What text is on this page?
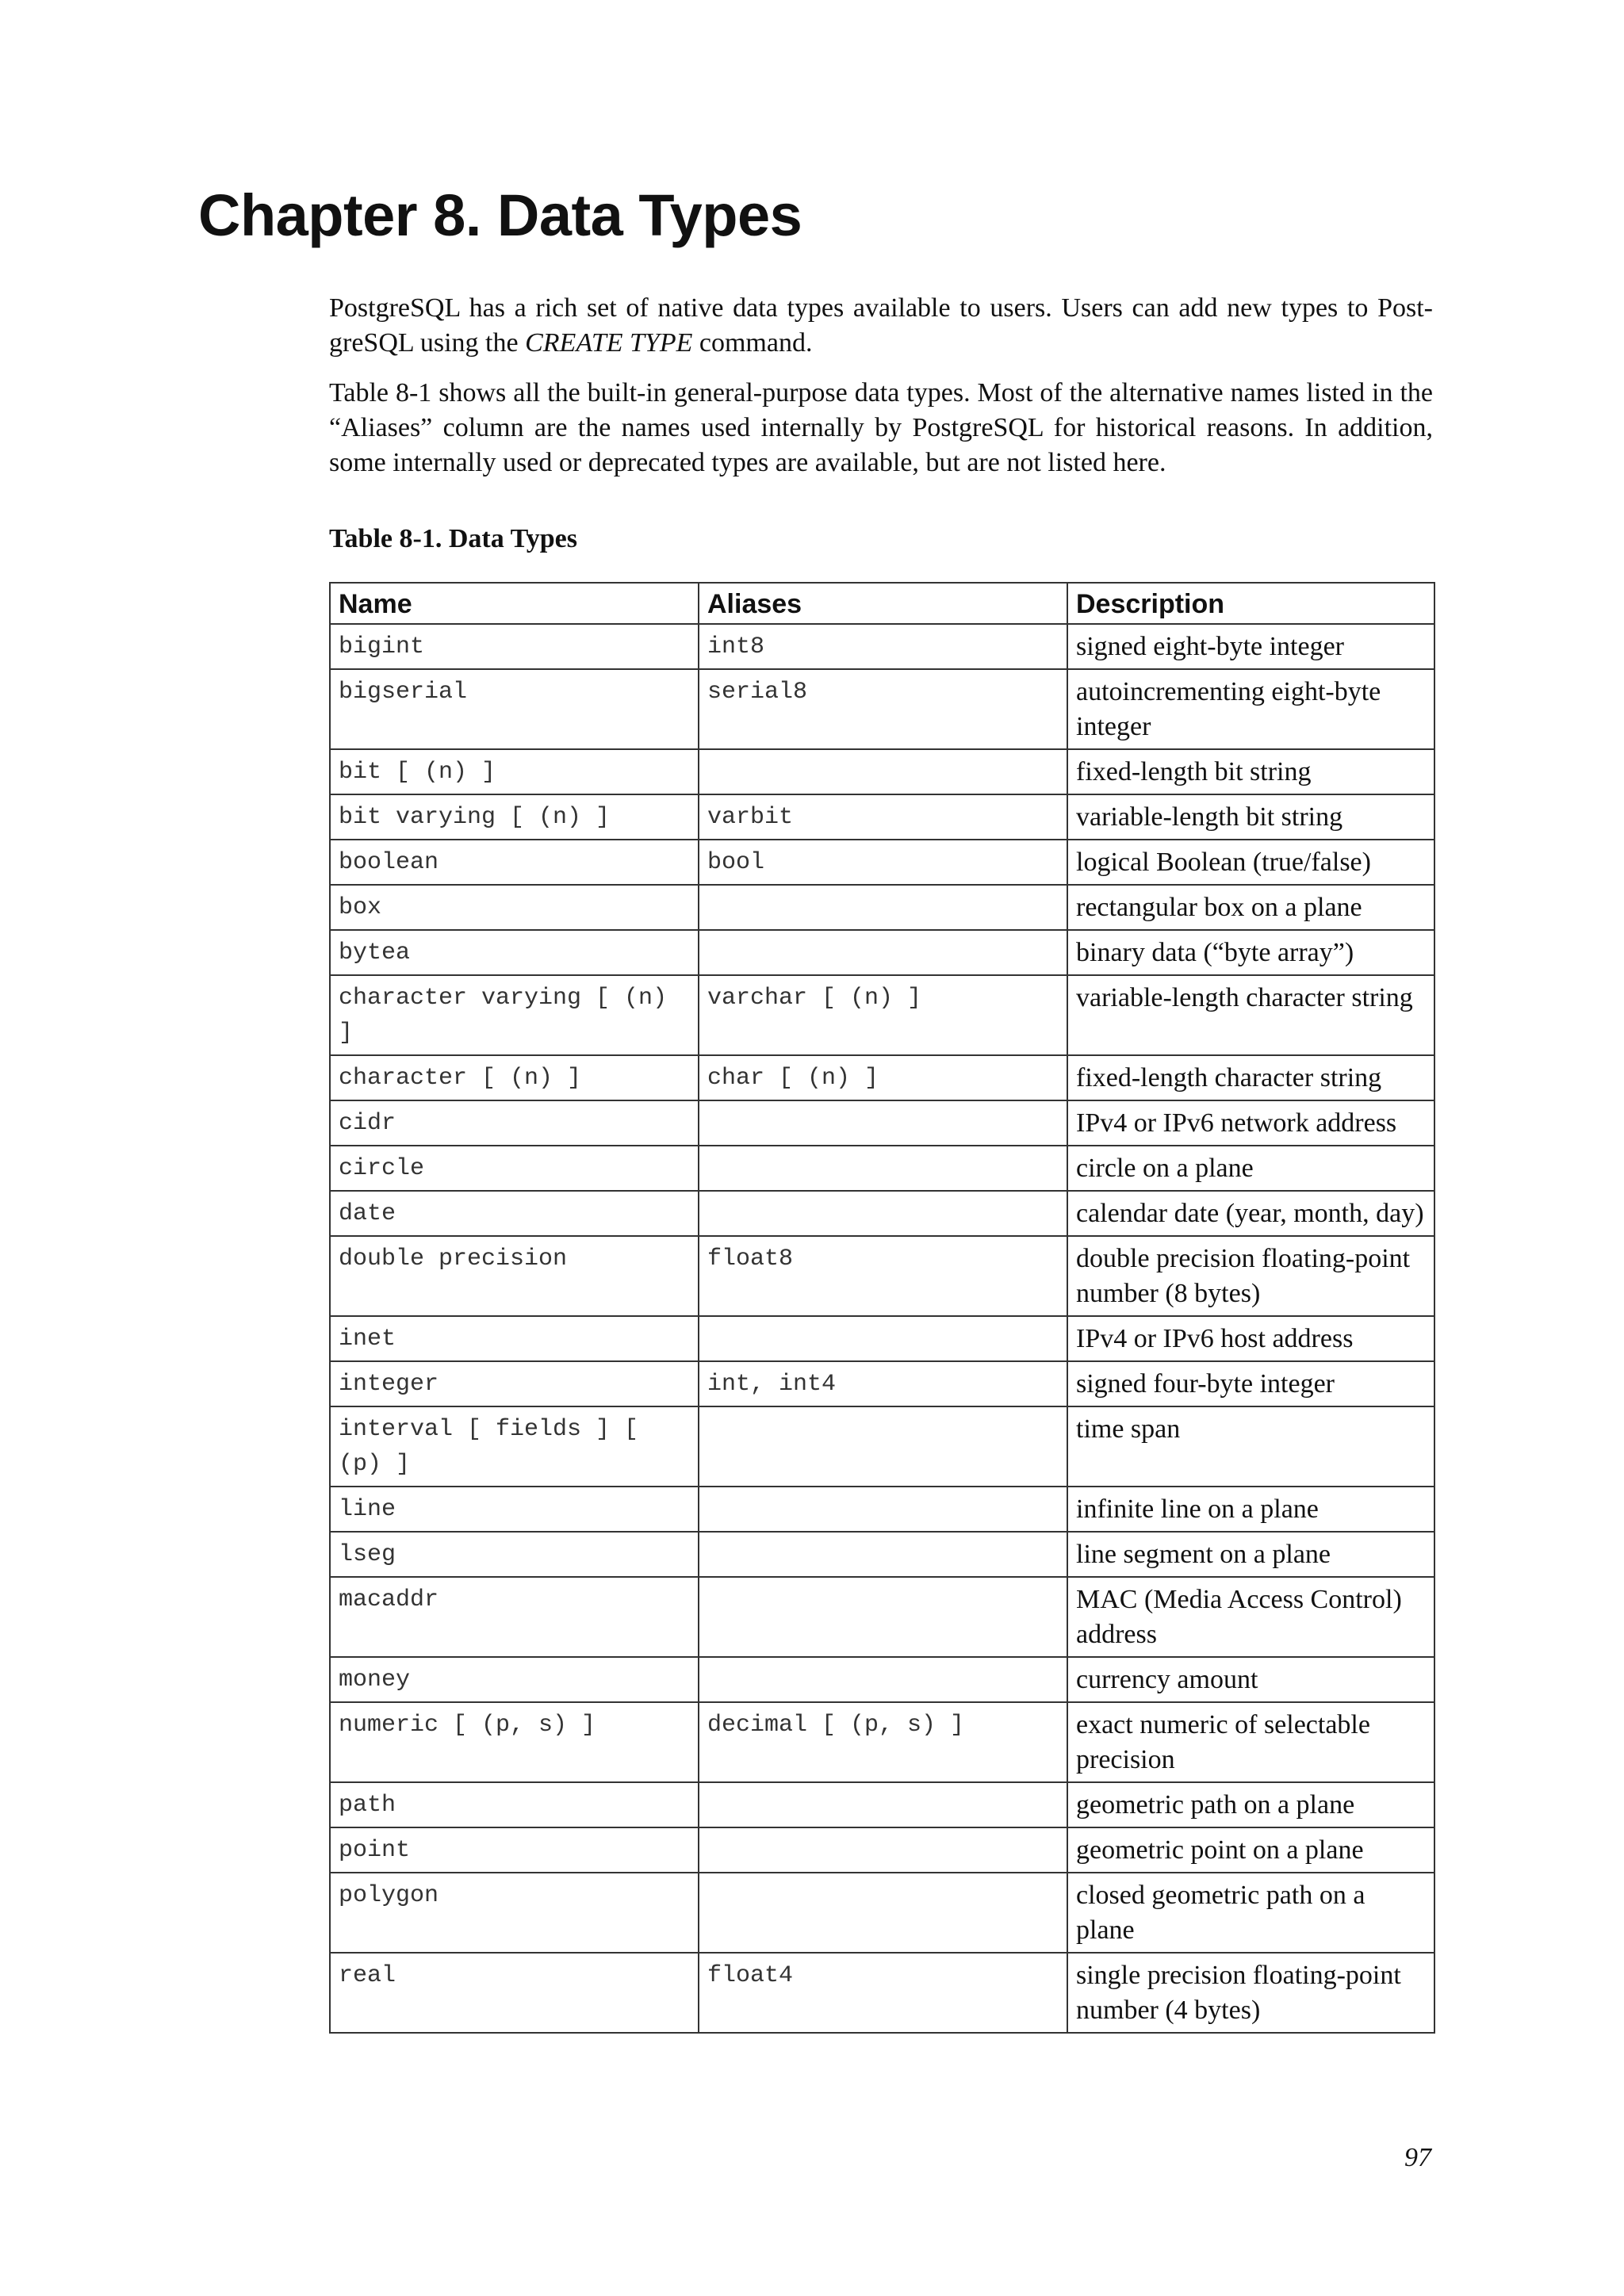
Chapter 8. Data Types

PostgreSQL has a rich set of native data types available to users. Users can add new types to Post-greSQL using the CREATE TYPE command.

Table 8-1 shows all the built-in general-purpose data types. Most of the alternative names listed in the “Aliases” column are the names used internally by PostgreSQL for historical reasons. In addition, some internally used or deprecated types are available, but are not listed here.

Table 8-1. Data Types

Name	Aliases	Description
bigint	int8	signed eight-byte integer
bigserial	serial8	autoincrementing eight-byte integer
bit [ (n) ]		fixed-length bit string
bit varying [ (n) ]	varbit	variable-length bit string
boolean	bool	logical Boolean (true/false)
box		rectangular box on a plane
bytea		binary data (“byte array”)
character varying [ (n) ]	varchar [ (n) ]	variable-length character string
character [ (n) ]	char [ (n) ]	fixed-length character string
cidr		IPv4 or IPv6 network address
circle		circle on a plane
date		calendar date (year, month, day)
double precision	float8	double precision floating-point number (8 bytes)
inet		IPv4 or IPv6 host address
integer	int, int4	signed four-byte integer
interval [ fields ] [ (p) ]		time span
line		infinite line on a plane
lseg		line segment on a plane
macaddr		MAC (Media Access Control) address
money		currency amount
numeric [ (p, s) ]	decimal [ (p, s) ]	exact numeric of selectable precision
path		geometric path on a plane
point		geometric point on a plane
polygon		closed geometric path on a plane
real	float4	single precision floating-point number (4 bytes)

97
